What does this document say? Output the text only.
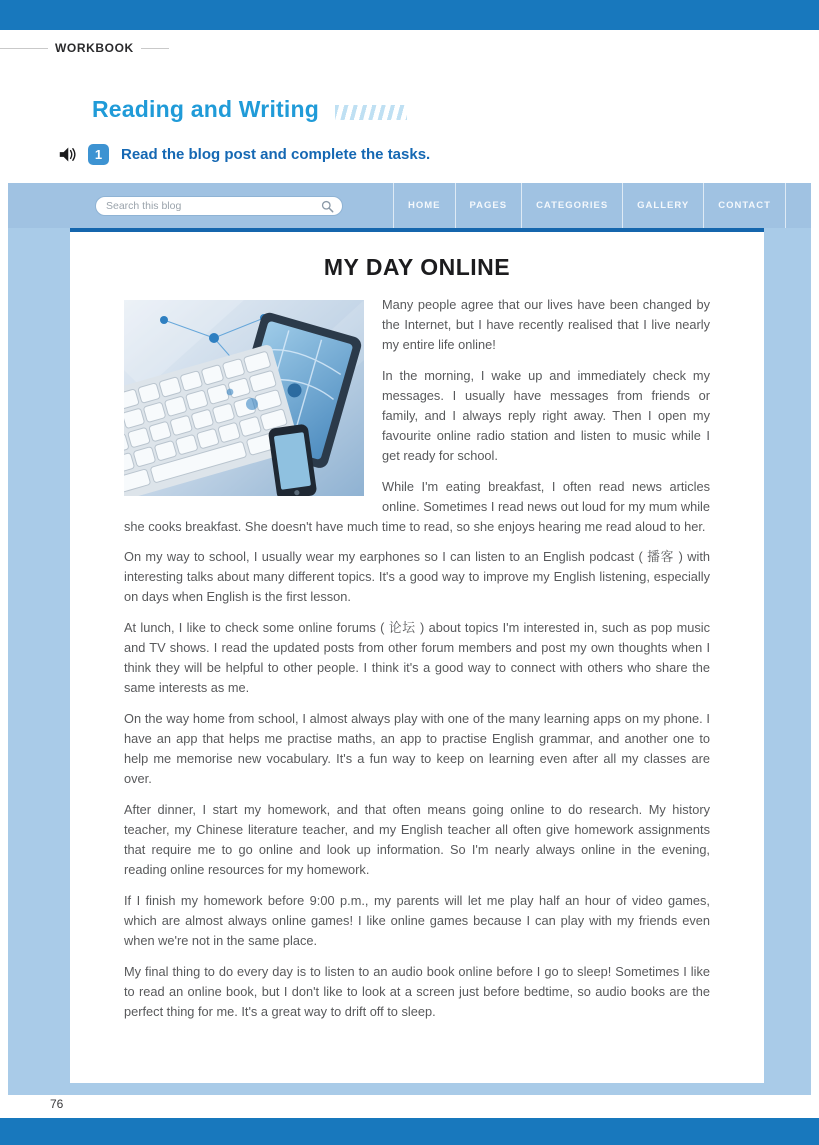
WORKBOOK
Reading and Writing
1	Read the blog post and complete the tasks.
Search this blog
HOME	PAGES	CATEGORIES	GALLERY	CONTACT
MY DAY ONLINE

Many people agree that our lives have been changed by the Internet, but I have recently realised that I live nearly my entire life online!

In the morning, I wake up and immediately check my messages. I usually have messages from friends or family, and I always reply right away. Then I open my favourite online radio station and listen to music while I get ready for school.

While I'm eating breakfast, I often read news articles online. Sometimes I read news out loud for my mum while she cooks breakfast. She doesn't have much time to read, so she enjoys hearing me read aloud to her.

On my way to school, I usually wear my earphones so I can listen to an English podcast ( 播客 ) with interesting talks about many different topics. It's a good way to improve my English listening, especially on days when English is the first lesson.

At lunch, I like to check some online forums ( 论坛 ) about topics I'm interested in, such as pop music and TV shows. I read the updated posts from other forum members and post my own thoughts when I think they will be helpful to other people. I think it's a good way to connect with others who share the same interests as me.

On the way home from school, I almost always play with one of the many learning apps on my phone. I have an app that helps me practise maths, an app to practise English grammar, and another one to help me memorise new vocabulary. It's a fun way to keep on learning even after all my classes are over.

After dinner, I start my homework, and that often means going online to do research. My history teacher, my Chinese literature teacher, and my English teacher all often give homework assignments that require me to go online and look up information. So I'm nearly always online in the evening, reading online resources for my homework.

If I finish my homework before 9:00 p.m., my parents will let me play half an hour of video games, which are almost always online games! I like online games because I can play with my friends even when we're not in the same place.

My final thing to do every day is to listen to an audio book online before I go to sleep! Sometimes I like to read an online book, but I don't like to look at a screen just before bedtime, so audio books are the perfect thing for me. It's a great way to drift off to sleep.

76
